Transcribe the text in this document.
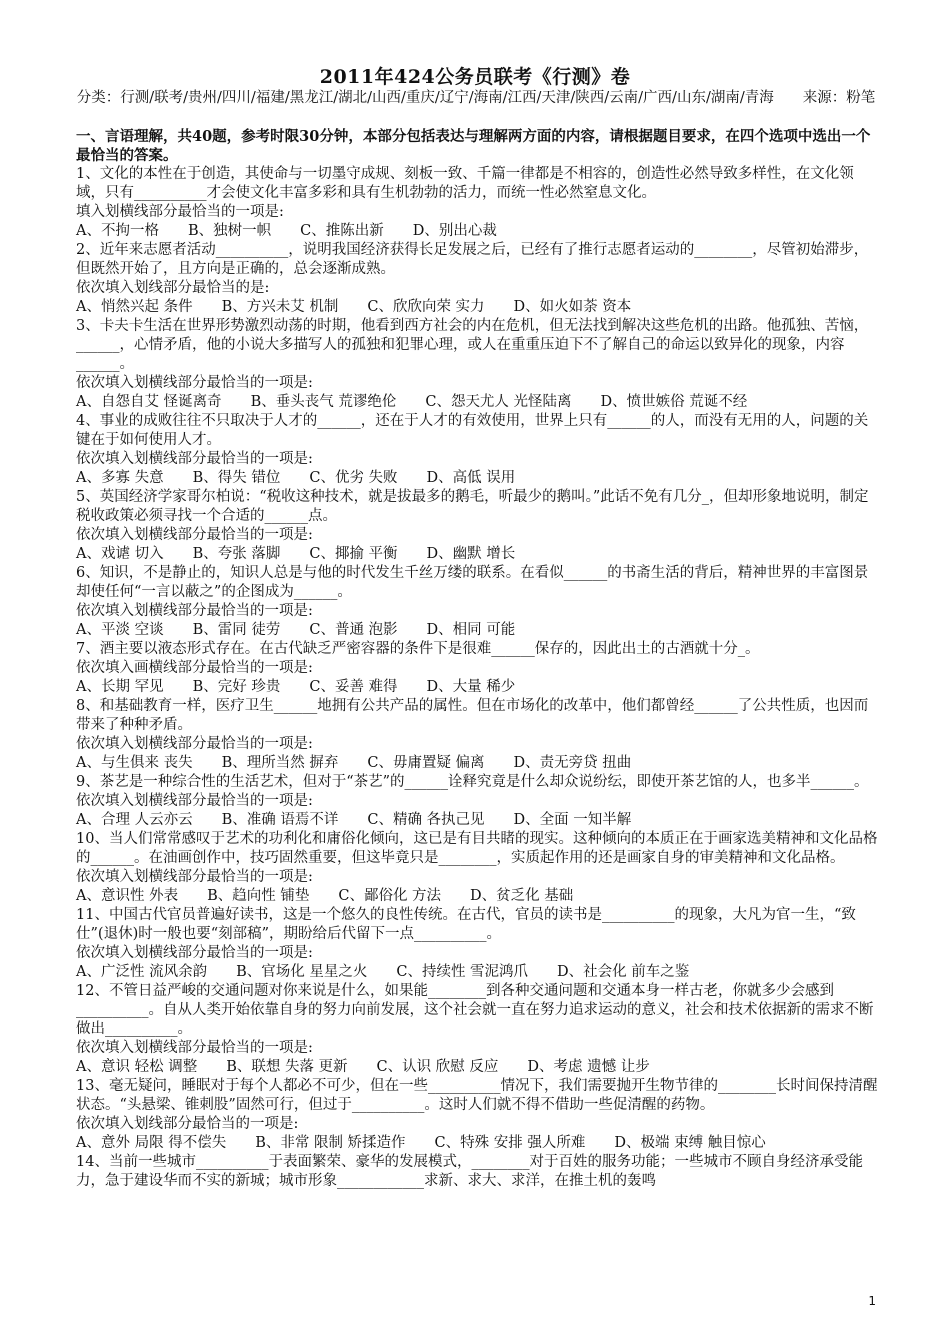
2011年424公务员联考《行测》卷
分类：行测/联考/贵州/四川/福建/黑龙江/湖北/山西/重庆/辽宁/海南/江西/天津/陕西/云南/广西/山东/湖南/青海　　来源：粉笔
一、言语理解，共40题，参考时限30分钟，本部分包括表达与理解两方面的内容，请根据题目要求，在四个选项中选出一个最恰当的答案。
1、文化的本性在于创造，其使命与一切墨守成规、刻板一致、千篇一律都是不相容的，创造性必然导致多样性，在文化领域，只有__________才会使文化丰富多彩和具有生机勃勃的活力，而统一性必然窒息文化。
填入划横线部分最恰当的一项是:
A、不拘一格　　B、独树一帜　　C、推陈出新　　D、别出心裁
2、近年来志愿者活动__________，说明我国经济获得长足发展之后，已经有了推行志愿者运动的________，尽管初始滞步，但既然开始了，且方向是正确的，总会逐渐成熟。
依次填入划线部分最恰当的是:
A、悄然兴起 条件　　B、方兴未艾 机制　　C、欣欣向荣 实力　　D、如火如荼 资本
3、卡夫卡生活在世界形势激烈动荡的时期，他看到西方社会的内在危机，但无法找到解决这些危机的出路。他孤独、苦恼，______，心情矛盾，他的小说大多描写人的孤独和犯罪心理，或人在重重压迫下不了解自己的命运以致异化的现象，内容______。
依次填入划横线部分最恰当的一项是:
A、自怨自艾 怪诞离奇　　B、垂头丧气 荒谬绝伦　　C、怨天尤人 光怪陆离　　D、愤世嫉俗 荒诞不经
4、事业的成败往往不只取决于人才的______，还在于人才的有效使用，世界上只有______的人，而没有无用的人，问题的关键在于如何使用人才。
依次填入划横线部分最恰当的一项是:
A、多寡 失意　　B、得失 错位　　C、优劣 失败　　D、高低 误用
5、英国经济学家哥尔柏说：“税收这种技术，就是拔最多的鹅毛，听最少的鹅叫。”此话不免有几分_，但却形象地说明，制定税收政策必须寻找一个合适的______点。
依次填入划横线部分最恰当的一项是:
A、戏谑 切入　　B、夸张 落脚　　C、揶揄 平衡　　D、幽默 增长
6、知识，不是静止的，知识人总是与他的时代发生千丝万缕的联系。在看似______的书斋生活的背后，精神世界的丰富图景却使任何“一言以蔽之”的企图成为______。
依次填入划横线部分最恰当的一项是:
A、平淡 空谈　　B、雷同 徒劳　　C、普通 泡影　　D、相同 可能
7、酒主要以液态形式存在。在古代缺乏严密容器的条件下是很难______保存的，因此出土的古酒就十分_。
依次填入画横线部分最恰当的一项是:
A、长期 罕见　　B、完好 珍贵　　C、妥善 难得　　D、大量 稀少
8、和基础教育一样，医疗卫生______地拥有公共产品的属性。但在市场化的改革中，他们都曾经______了公共性质，也因而带来了种种矛盾。
依次填入划横线部分最恰当的一项是:
A、与生俱来 丧失　　B、理所当然 摒弃　　C、毋庸置疑 偏离　　D、责无旁贷 扭曲
9、茶艺是一种综合性的生活艺术，但对于“茶艺”的______诠释究竟是什么却众说纷纭，即使开茶艺馆的人，也多半______。
依次填入划横线部分最恰当的一项是:
A、合理 人云亦云　　B、准确 语焉不详　　C、精确 各执己见　　D、全面 一知半解
10、当人们常常感叹于艺术的功利化和庸俗化倾向，这已是有目共睹的现实。这种倾向的本质正在于画家选美精神和文化品格的______。在油画创作中，技巧固然重要，但这毕竟只是________，实质起作用的还是画家自身的审美精神和文化品格。
依次填入划横线部分最恰当的一项是:
A、意识性 外表　　B、趋向性 铺垫　　C、鄙俗化 方法　　D、贫乏化 基础
11、中国古代官员普遍好读书，这是一个悠久的良性传统。在古代，官员的读书是__________的现象，大凡为官一生，“致仕”(退休)时一般也要“刻部稿”，期盼给后代留下一点__________。
依次填入划横线部分最恰当的一项是:
A、广泛性 流风余韵　　B、官场化 星星之火　　C、持续性 雪泥鸿爪　　D、社会化 前车之鉴
12、不管日益严峻的交通问题对你来说是什么，如果能________到各种交通问题和交通本身一样古老，你就多少会感到__________。自从人类开始依靠自身的努力向前发展，这个社会就一直在努力追求运动的意义，社会和技术依据新的需求不断做出__________。
依次填入划横线部分最恰当的一项是:
A、意识 轻松 调整　　B、联想 失落 更新　　C、认识 欣慰 反应　　D、考虑 遗憾 让步
13、毫无疑问，睡眠对于每个人都必不可少，但在一些__________情况下，我们需要抛开生物节律的________长时间保持清醒状态。“头悬梁、锥刺股”固然可行，但过于__________。这时人们就不得不借助一些促清醒的药物。
依次填入划线部分最恰当的一项是:
A、意外 局限 得不偿失　　B、非常 限制 矫揉造作　　C、特殊 安排 强人所难　　D、极端 束缚 触目惊心
14、当前一些城市__________于表面繁荣、豪华的发展模式，________对于百姓的服务功能；一些城市不顾自身经济承受能力，急于建设华而不实的新城；城市形象____________求新、求大、求洋，在推土机的轰鸣
1
